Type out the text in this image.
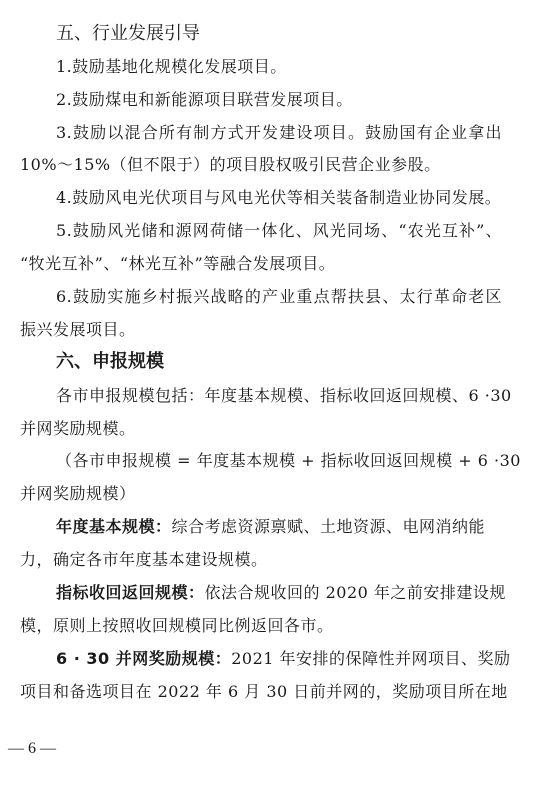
五、行业发展引导
1.鼓励基地化规模化发展项目。
2.鼓励煤电和新能源项目联营发展项目。
3.鼓励以混合所有制方式开发建设项目。鼓励国有企业拿出
10%～15%（但不限于）的项目股权吸引民营企业参股。
4.鼓励风电光伏项目与风电光伏等相关装备制造业协同发展。
5.鼓励风光储和源网荷储一体化、风光同场、“农光互补”、
“牧光互补”、“林光互补”等融合发展项目。
6.鼓励实施乡村振兴战略的产业重点帮扶县、太行革命老区
振兴发展项目。
六、申报规模
各市申报规模包括：年度基本规模、指标收回返回规模、6 ·30
并网奖励规模。
（各市申报规模 = 年度基本规模 + 指标收回返回规模 + 6 ·30
并网奖励规模）
年度基本规模：综合考虑资源禀赋、土地资源、电网消纳能
力，确定各市年度基本建设规模。
指标收回返回规模：依法合规收回的 2020 年之前安排建设规
模，原则上按照收回规模同比例返回各市。
6 · 30 并网奖励规模：2021 年安排的保障性并网项目、奖励
项目和备选项目在 2022 年 6 月 30 日前并网的，奖励项目所在地
— 6 —
